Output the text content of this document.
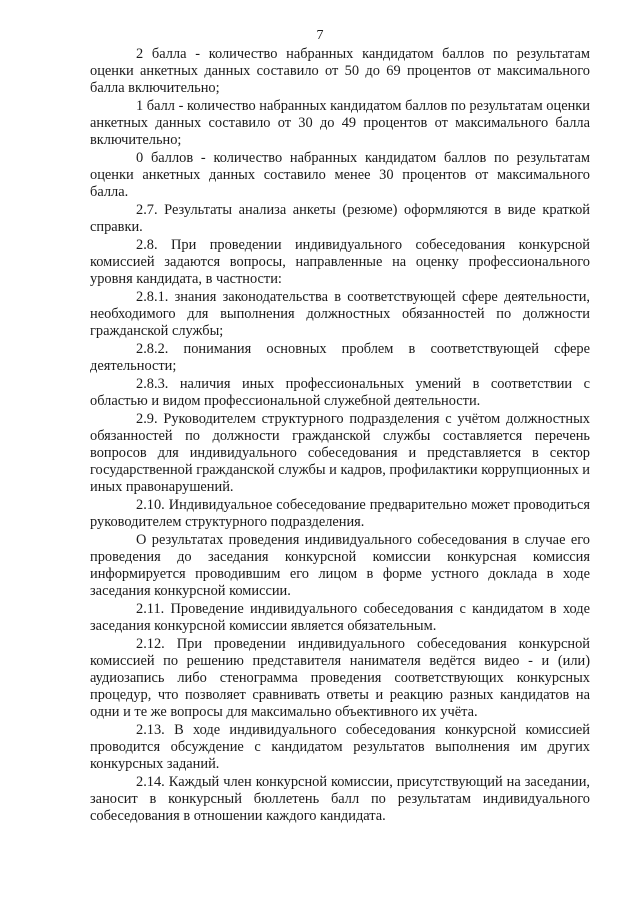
7

2 балла - количество набранных кандидатом баллов по результатам оценки анкетных данных составило от 50 до 69 процентов от максимального балла включительно;

1 балл - количество набранных кандидатом баллов по результатам оценки анкетных данных составило от 30 до 49 процентов от максимального балла включительно;

0 баллов - количество набранных кандидатом баллов по результатам оценки анкетных данных составило менее 30 процентов от максимального балла.

2.7. Результаты анализа анкеты (резюме) оформляются в виде краткой справки.

2.8. При проведении индивидуального собеседования конкурсной комиссией задаются вопросы, направленные на оценку профессионального уровня кандидата, в частности:

2.8.1. знания законодательства в соответствующей сфере деятельности, необходимого для выполнения должностных обязанностей по должности гражданской службы;

2.8.2. понимания основных проблем в соответствующей сфере деятельности;

2.8.3. наличия иных профессиональных умений в соответствии с областью и видом профессиональной служебной деятельности.

2.9. Руководителем структурного подразделения с учётом должностных обязанностей по должности гражданской службы составляется перечень вопросов для индивидуального собеседования и представляется в сектор государственной гражданской службы и кадров, профилактики коррупционных и иных правонарушений.

2.10. Индивидуальное собеседование предварительно может проводиться руководителем структурного подразделения.

О результатах проведения индивидуального собеседования в случае его проведения до заседания конкурсной комиссии конкурсная комиссия информируется проводившим его лицом в форме устного доклада в ходе заседания конкурсной комиссии.

2.11. Проведение индивидуального собеседования с кандидатом в ходе заседания конкурсной комиссии является обязательным.

2.12. При проведении индивидуального собеседования конкурсной комиссией по решению представителя нанимателя ведётся видео - и (или) аудиозапись либо стенограмма проведения соответствующих конкурсных процедур, что позволяет сравнивать ответы и реакцию разных кандидатов на одни и те же вопросы для максимально объективного их учёта.

2.13. В ходе индивидуального собеседования конкурсной комиссией проводится обсуждение с кандидатом результатов выполнения им других конкурсных заданий.

2.14. Каждый член конкурсной комиссии, присутствующий на заседании, заносит в конкурсный бюллетень балл по результатам индивидуального собеседования в отношении каждого кандидата.
